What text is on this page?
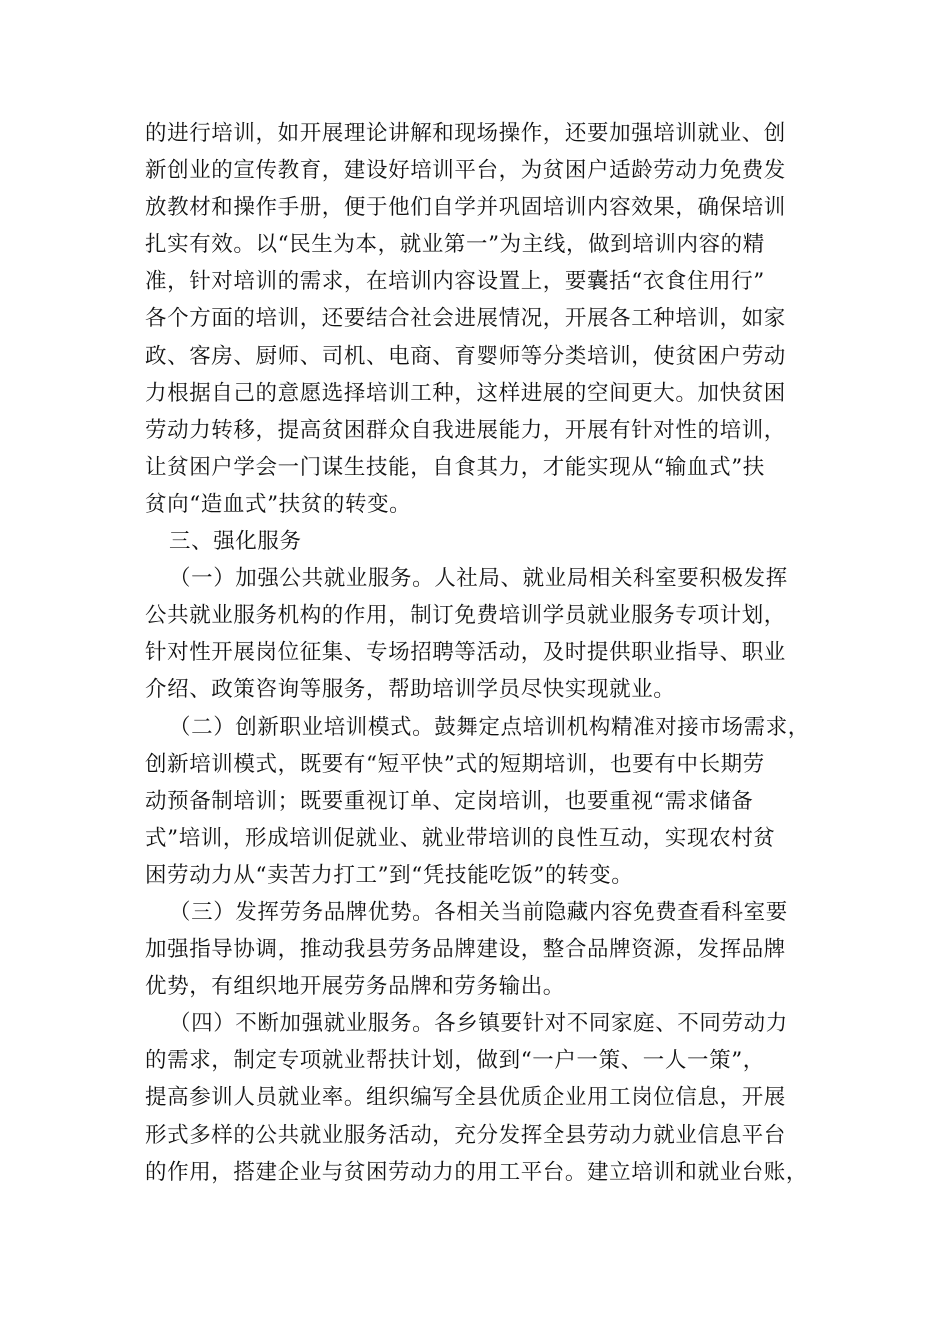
的进行培训，如开展理论讲解和现场操作，还要加强培训就业、创
新创业的宣传教育，建设好培训平台，为贫困户适龄劳动力免费发
放教材和操作手册，便于他们自学并巩固培训内容效果，确保培训
扎实有效。以“民生为本，就业第一”为主线，做到培训内容的精
准，针对培训的需求，在培训内容设置上，要囊括“衣食住用行”
各个方面的培训，还要结合社会进展情况，开展各工种培训，如家
政、客房、厨师、司机、电商、育婴师等分类培训，使贫困户劳动
力根据自己的意愿选择培训工种，这样进展的空间更大。加快贫困
劳动力转移，提高贫困群众自我进展能力，开展有针对性的培训，
让贫困户学会一门谋生技能，自食其力，才能实现从“输血式”扶
贫向“造血式”扶贫的转变。
三、强化服务
（一）加强公共就业服务。人社局、就业局相关科室要积极发挥
公共就业服务机构的作用，制订免费培训学员就业服务专项计划，
针对性开展岗位征集、专场招聘等活动，及时提供职业指导、职业
介绍、政策咨询等服务，帮助培训学员尽快实现就业。
（二）创新职业培训模式。鼓舞定点培训机构精准对接市场需求，
创新培训模式，既要有“短平快”式的短期培训，也要有中长期劳
动预备制培训；既要重视订单、定岗培训，也要重视“需求储备
式”培训，形成培训促就业、就业带培训的良性互动，实现农村贫
困劳动力从“卖苦力打工”到“凭技能吃饭”的转变。
（三）发挥劳务品牌优势。各相关当前隐藏内容免费查看科室要
加强指导协调，推动我县劳务品牌建设，整合品牌资源，发挥品牌
优势，有组织地开展劳务品牌和劳务输出。
（四）不断加强就业服务。各乡镇要针对不同家庭、不同劳动力
的需求，制定专项就业帮扶计划，做到“一户一策、一人一策”，
提高参训人员就业率。组织编写全县优质企业用工岗位信息，开展
形式多样的公共就业服务活动，充分发挥全县劳动力就业信息平台
的作用，搭建企业与贫困劳动力的用工平台。建立培训和就业台账，
